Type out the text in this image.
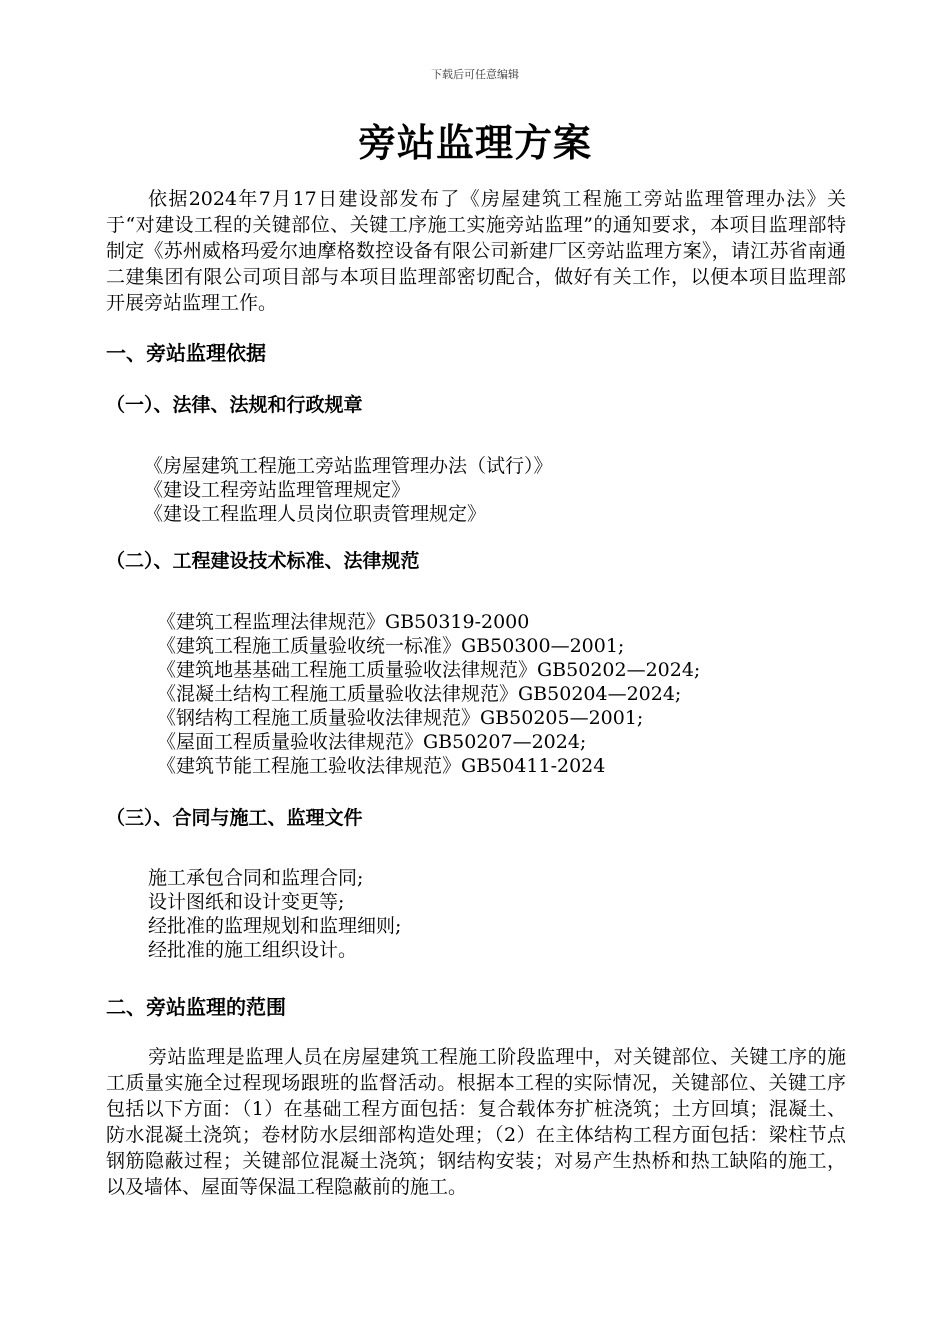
下载后可任意编辑
旁站监理方案

依据2024年7月17日建设部发布了《房屋建筑工程施工旁站监理管理办法》关于“对建设工程的关键部位、关键工序施工实施旁站监理”的通知要求，本项目监理部特制定《苏州威格玛爱尔迪摩格数控设备有限公司新建厂区旁站监理方案》，请江苏省南通二建集团有限公司项目部与本项目监理部密切配合，做好有关工作，以便本项目监理部开展旁站监理工作。

一、旁站监理依据
（一）、法律、法规和行政规章
《房屋建筑工程施工旁站监理管理办法（试行）》
《建设工程旁站监理管理规定》
《建设工程监理人员岗位职责管理规定》
（二）、工程建设技术标准、法律规范
《建筑工程监理法律规范》GB50319-2000
《建筑工程施工质量验收统一标准》GB50300—2001;
《建筑地基基础工程施工质量验收法律规范》GB50202—2024;
《混凝土结构工程施工质量验收法律规范》GB50204—2024;
《钢结构工程施工质量验收法律规范》GB50205—2001;
《屋面工程质量验收法律规范》GB50207—2024;
《建筑节能工程施工验收法律规范》GB50411-2024
（三）、合同与施工、监理文件
施工承包合同和监理合同;
设计图纸和设计变更等;
经批准的监理规划和监理细则;
经批准的施工组织设计。
二、旁站监理的范围

旁站监理是监理人员在房屋建筑工程施工阶段监理中，对关键部位、关键工序的施工质量实施全过程现场跟班的监督活动。根据本工程的实际情况，关键部位、关键工序包括以下方面：（1）在基础工程方面包括：复合载体夯扩桩浇筑；土方回填；混凝土、防水混凝土浇筑；卷材防水层细部构造处理；（2）在主体结构工程方面包括：梁柱节点钢筋隐蔽过程；关键部位混凝土浇筑；钢结构安装；对易产生热桥和热工缺陷的施工，以及墙体、屋面等保温工程隐蔽前的施工。
